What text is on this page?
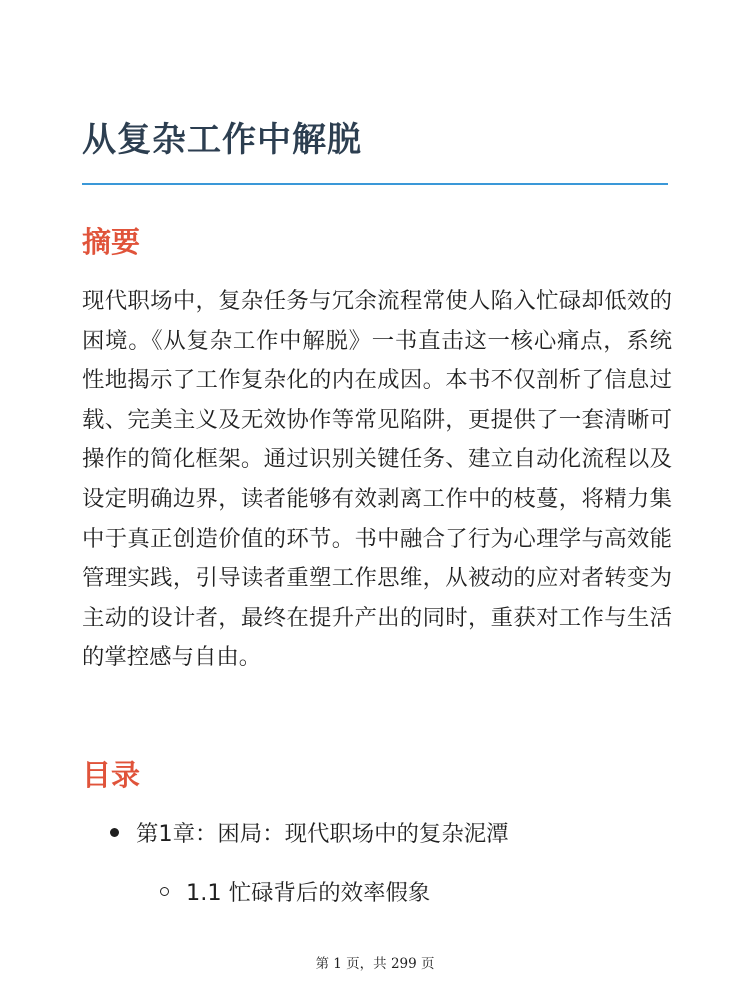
从复杂工作中解脱
摘要

现代职场中，复杂任务与冗余流程常使人陷入忙碌却低效的困境。《从复杂工作中解脱》一书直击这一核心痛点，系统性地揭示了工作复杂化的内在成因。本书不仅剖析了信息过载、完美主义及无效协作等常见陷阱，更提供了一套清晰可操作的简化框架。通过识别关键任务、建立自动化流程以及设定明确边界，读者能够有效剥离工作中的枝蔓，将精力集中于真正创造价值的环节。书中融合了行为心理学与高效能管理实践，引导读者重塑工作思维，从被动的应对者转变为主动的设计者，最终在提升产出的同时，重获对工作与生活的掌控感与自由。

目录
第1章：困局：现代职场中的复杂泥潭
1.1 忙碌背后的效率假象
第 1 页，共 299 页
